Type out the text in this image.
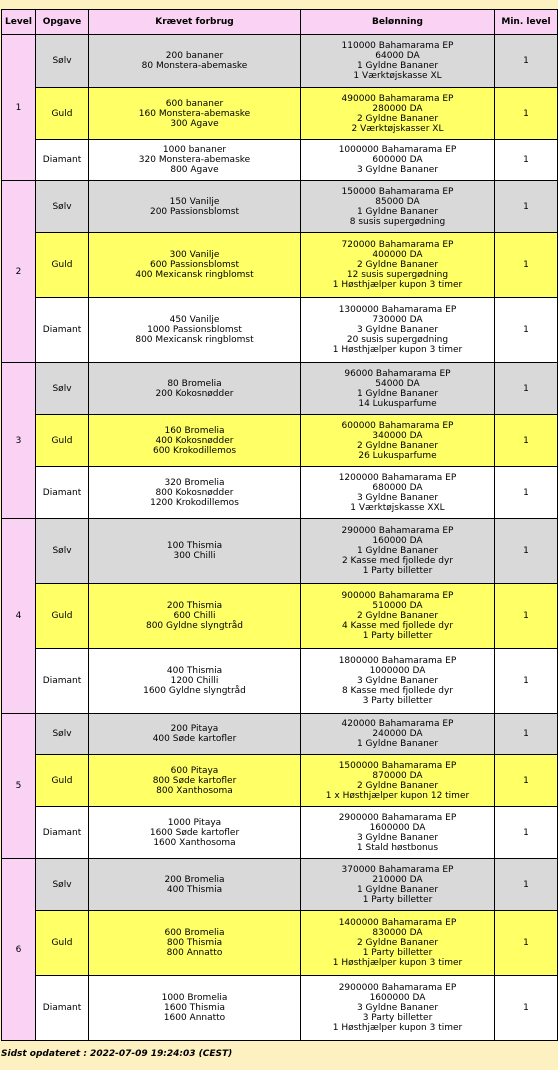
Level	Opgave	Krævet forbrug	Belønning	Min. level
1	Sølv	200 bananer
80 Monstera-abemaske	110000 Bahamarama EP
64000 DA
1 Gyldne Bananer
1 Værktøjskasse XL	1
	Guld	600 bananer
160 Monstera-abemaske
300 Agave	490000 Bahamarama EP
280000 DA
2 Gyldne Bananer
2 Værktøjskasser XL	1
	Diamant	1000 bananer
320 Monstera-abemaske
800 Agave	1000000 Bahamarama EP
600000 DA
3 Gyldne Bananer	1
2	Sølv	150 Vanilje
200 Passionsblomst	150000 Bahamarama EP
85000 DA
1 Gyldne Bananer
8 susis supergødning	1
	Guld	300 Vanilje
600 Passionsblomst
400 Mexicansk ringblomst	720000 Bahamarama EP
400000 DA
2 Gyldne Bananer
12 susis supergødning
1 Høsthjælper kupon 3 timer	1
	Diamant	450 Vanilje
1000 Passionsblomst
800 Mexicansk ringblomst	1300000 Bahamarama EP
730000 DA
3 Gyldne Bananer
20 susis supergødning
1 Høsthjælper kupon 3 timer	1
3	Sølv	80 Bromelia
200 Kokosnødder	96000 Bahamarama EP
54000 DA
1 Gyldne Bananer
14 Lukusparfume	1
	Guld	160 Bromelia
400 Kokosnødder
600 Krokodillemos	600000 Bahamarama EP
340000 DA
2 Gyldne Bananer
26 Lukusparfume	1
	Diamant	320 Bromelia
800 Kokosnødder
1200 Krokodillemos	1200000 Bahamarama EP
680000 DA
3 Gyldne Bananer
1 Værktøjskasse XXL	1
4	Sølv	100 Thismia
300 Chilli	290000 Bahamarama EP
160000 DA
1 Gyldne Bananer
2 Kasse med fjollede dyr
1 Party billetter	1
	Guld	200 Thismia
600 Chilli
800 Gyldne slyngtråd	900000 Bahamarama EP
510000 DA
2 Gyldne Bananer
4 Kasse med fjollede dyr
1 Party billetter	1
	Diamant	400 Thismia
1200 Chilli
1600 Gyldne slyngtråd	1800000 Bahamarama EP
1000000 DA
3 Gyldne Bananer
8 Kasse med fjollede dyr
3 Party billetter	1
5	Sølv	200 Pitaya
400 Søde kartofler	420000 Bahamarama EP
240000 DA
1 Gyldne Bananer	1
	Guld	600 Pitaya
800 Søde kartofler
800 Xanthosoma	1500000 Bahamarama EP
870000 DA
2 Gyldne Bananer
1 x Høsthjælper kupon 12 timer	1
	Diamant	1000 Pitaya
1600 Søde kartofler
1600 Xanthosoma	2900000 Bahamarama EP
1600000 DA
3 Gyldne Bananer
1 Stald høstbonus	1
6	Sølv	200 Bromelia
400 Thismia	370000 Bahamarama EP
210000 DA
1 Gyldne Bananer
1 Party billetter	1
	Guld	600 Bromelia
800 Thismia
800 Annatto	1400000 Bahamarama EP
830000 DA
2 Gyldne Bananer
1 Party billetter
1 Høsthjælper kupon 3 timer	1
	Diamant	1000 Bromelia
1600 Thismia
1600 Annatto	2900000 Bahamarama EP
1600000 DA
3 Gyldne Bananer
3 Party billetter
1 Høsthjælper kupon 3 timer	1
Sidst opdateret : 2022-07-09 19:24:03 (CEST)
